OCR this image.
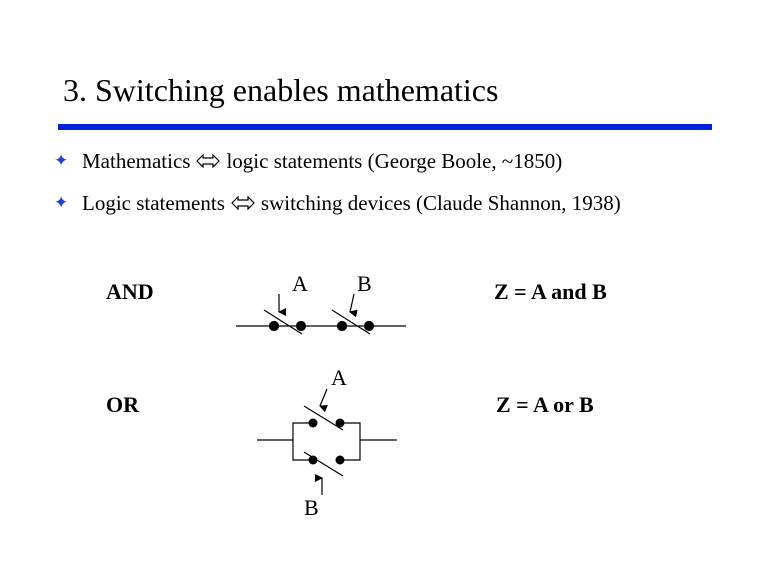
3. Switching enables mathematics
✦ Mathematics logic statements (George Boole, ~1850)
✦ Logic statements switching devices (Claude Shannon, 1938)
AND
OR
Z = A and B
Z = A or B
A B
A
B
